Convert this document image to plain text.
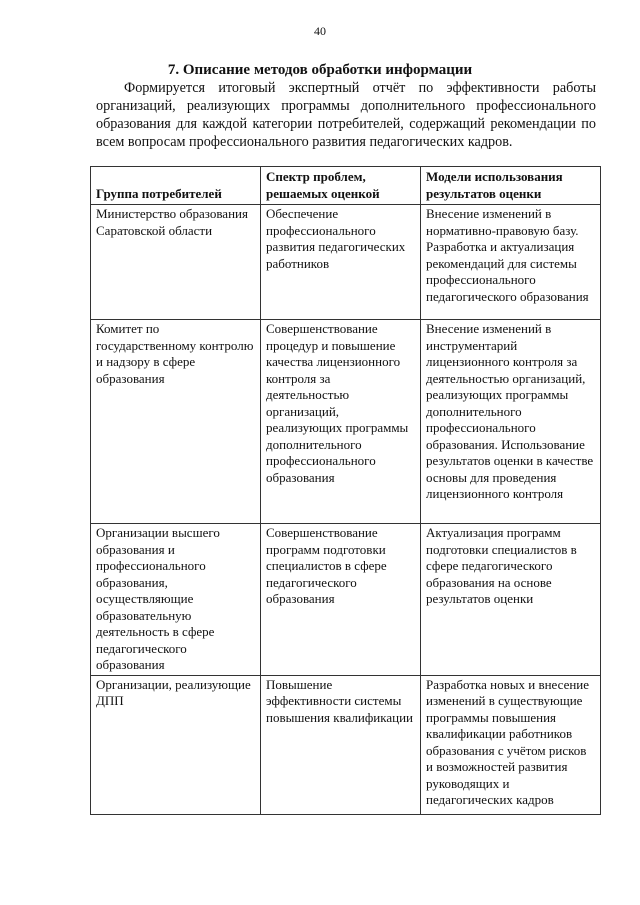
40
7. Описание методов обработки информации

Формируется итоговый экспертный отчёт по эффективности работы организаций, реализующих программы дополнительного профессионального образования для каждой категории потребителей, содержащий рекомендации по всем вопросам профессионального развития педагогических кадров.

Группа потребителей	Спектр проблем, решаемых оценкой	Модели использования результатов оценки
Министерство образования Саратовской области	Обеспечение профессионального развития педагогических работников	Внесение изменений в нормативно-правовую базу. Разработка и актуализация рекомендаций для системы профессионального педагогического образования
Комитет по государственному контролю и надзору в сфере образования	Совершенствование процедур и повышение качества лицензионного контроля за деятельностью организаций, реализующих программы дополнительного профессионального образования	Внесение изменений в инструментарий лицензионного контроля за деятельностью организаций, реализующих программы дополнительного профессионального образования. Использование результатов оценки в качестве основы для проведения лицензионного контроля
Организации высшего образования и профессионального образования, осуществляющие образовательную деятельность в сфере педагогического образования	Совершенствование программ подготовки специалистов в сфере педагогического образования	Актуализация программ подготовки специалистов в сфере педагогического образования на основе результатов оценки
Организации, реализующие ДПП	Повышение эффективности системы повышения квалификации	Разработка новых и внесение изменений в существующие программы повышения квалификации работников образования с учётом рисков и возможностей развития руководящих и педагогических кадров
